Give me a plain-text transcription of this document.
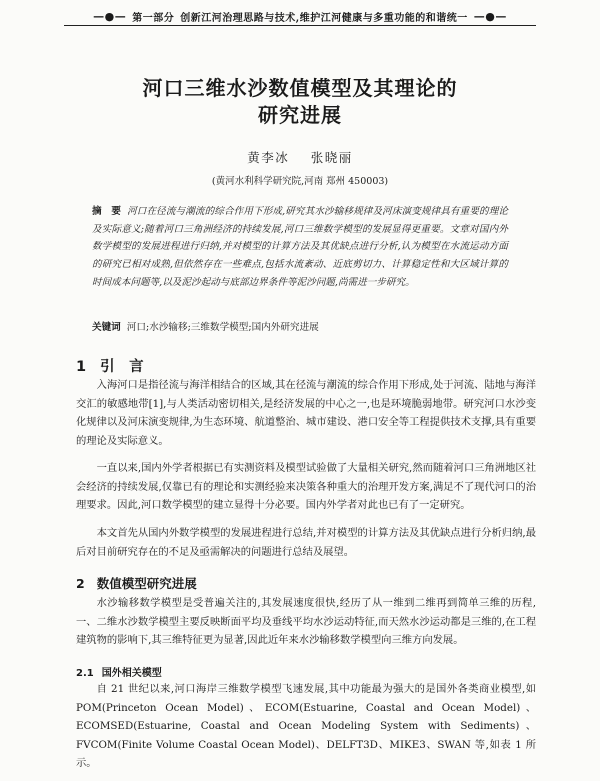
—●— 第一部分 创新江河治理思路与技术,维护江河健康与多重功能的和谐统一 —●—
河口三维水沙数值模型及其理论的
研究进展
黄李冰 张晓丽
(黄河水利科学研究院,河南 郑州 450003)
摘　要 河口在径流与潮流的综合作用下形成,研究其水沙输移规律及河床演变规律具有重要的理论及实际意义;随着河口三角洲经济的持续发展,河口三维数学模型的发展显得更重要。文章对国内外数学模型的发展进程进行归纳,并对模型的计算方法及其优缺点进行分析,认为模型在水流运动方面的研究已相对成熟,但依然存在一些难点,包括水流紊动、近底剪切力、计算稳定性和大区域计算的时间成本问题等,以及泥沙起动与底部边界条件等泥沙问题,尚需进一步研究。
关键词 河口;水沙输移;三维数学模型;国内外研究进展
1 引　言

入海河口是指径流与海洋相结合的区域,其在径流与潮流的综合作用下形成,处于河流、陆地与海洋交汇的敏感地带[1],与人类活动密切相关,是经济发展的中心之一,也是环境脆弱地带。研究河口水沙变化规律以及河床演变规律,为生态环境、航道整治、城市建设、港口安全等工程提供技术支撑,具有重要的理论及实际意义。

一直以来,国内外学者根据已有实测资料及模型试验做了大量相关研究,然而随着河口三角洲地区社会经济的持续发展,仅靠已有的理论和实测经验来决策各种重大的治理开发方案,满足不了现代河口的治理要求。因此,河口数学模型的建立显得十分必要。国内外学者对此也已有了一定研究。

本文首先从国内外数学模型的发展进程进行总结,并对模型的计算方法及其优缺点进行分析归纳,最后对目前研究存在的不足及亟需解决的问题进行总结及展望。

2 数值模型研究进展

水沙输移数学模型是受普遍关注的,其发展速度很快,经历了从一维到二维再到简单三维的历程,一、二维水沙数学模型主要反映断面平均及垂线平均水沙运动特征,而天然水沙运动都是三维的,在工程建筑物的影响下,其三维特征更为显著,因此近年来水沙输移数学模型向三维方向发展。

2.1 国外相关模型

自 21 世纪以来,河口海岸三维数学模型飞速发展,其中功能最为强大的是国外各类商业模型,如 POM(Princeton Ocean Model)、ECOM(Estuarine, Coastal and Ocean Model)、ECOMSED(Estuarine, Coastal and Ocean Modeling System with Sediments)、FVCOM(Finite Volume Coastal Ocean Model)、DELFT3D、MIKE3、SWAN 等,如表 1 所示。
